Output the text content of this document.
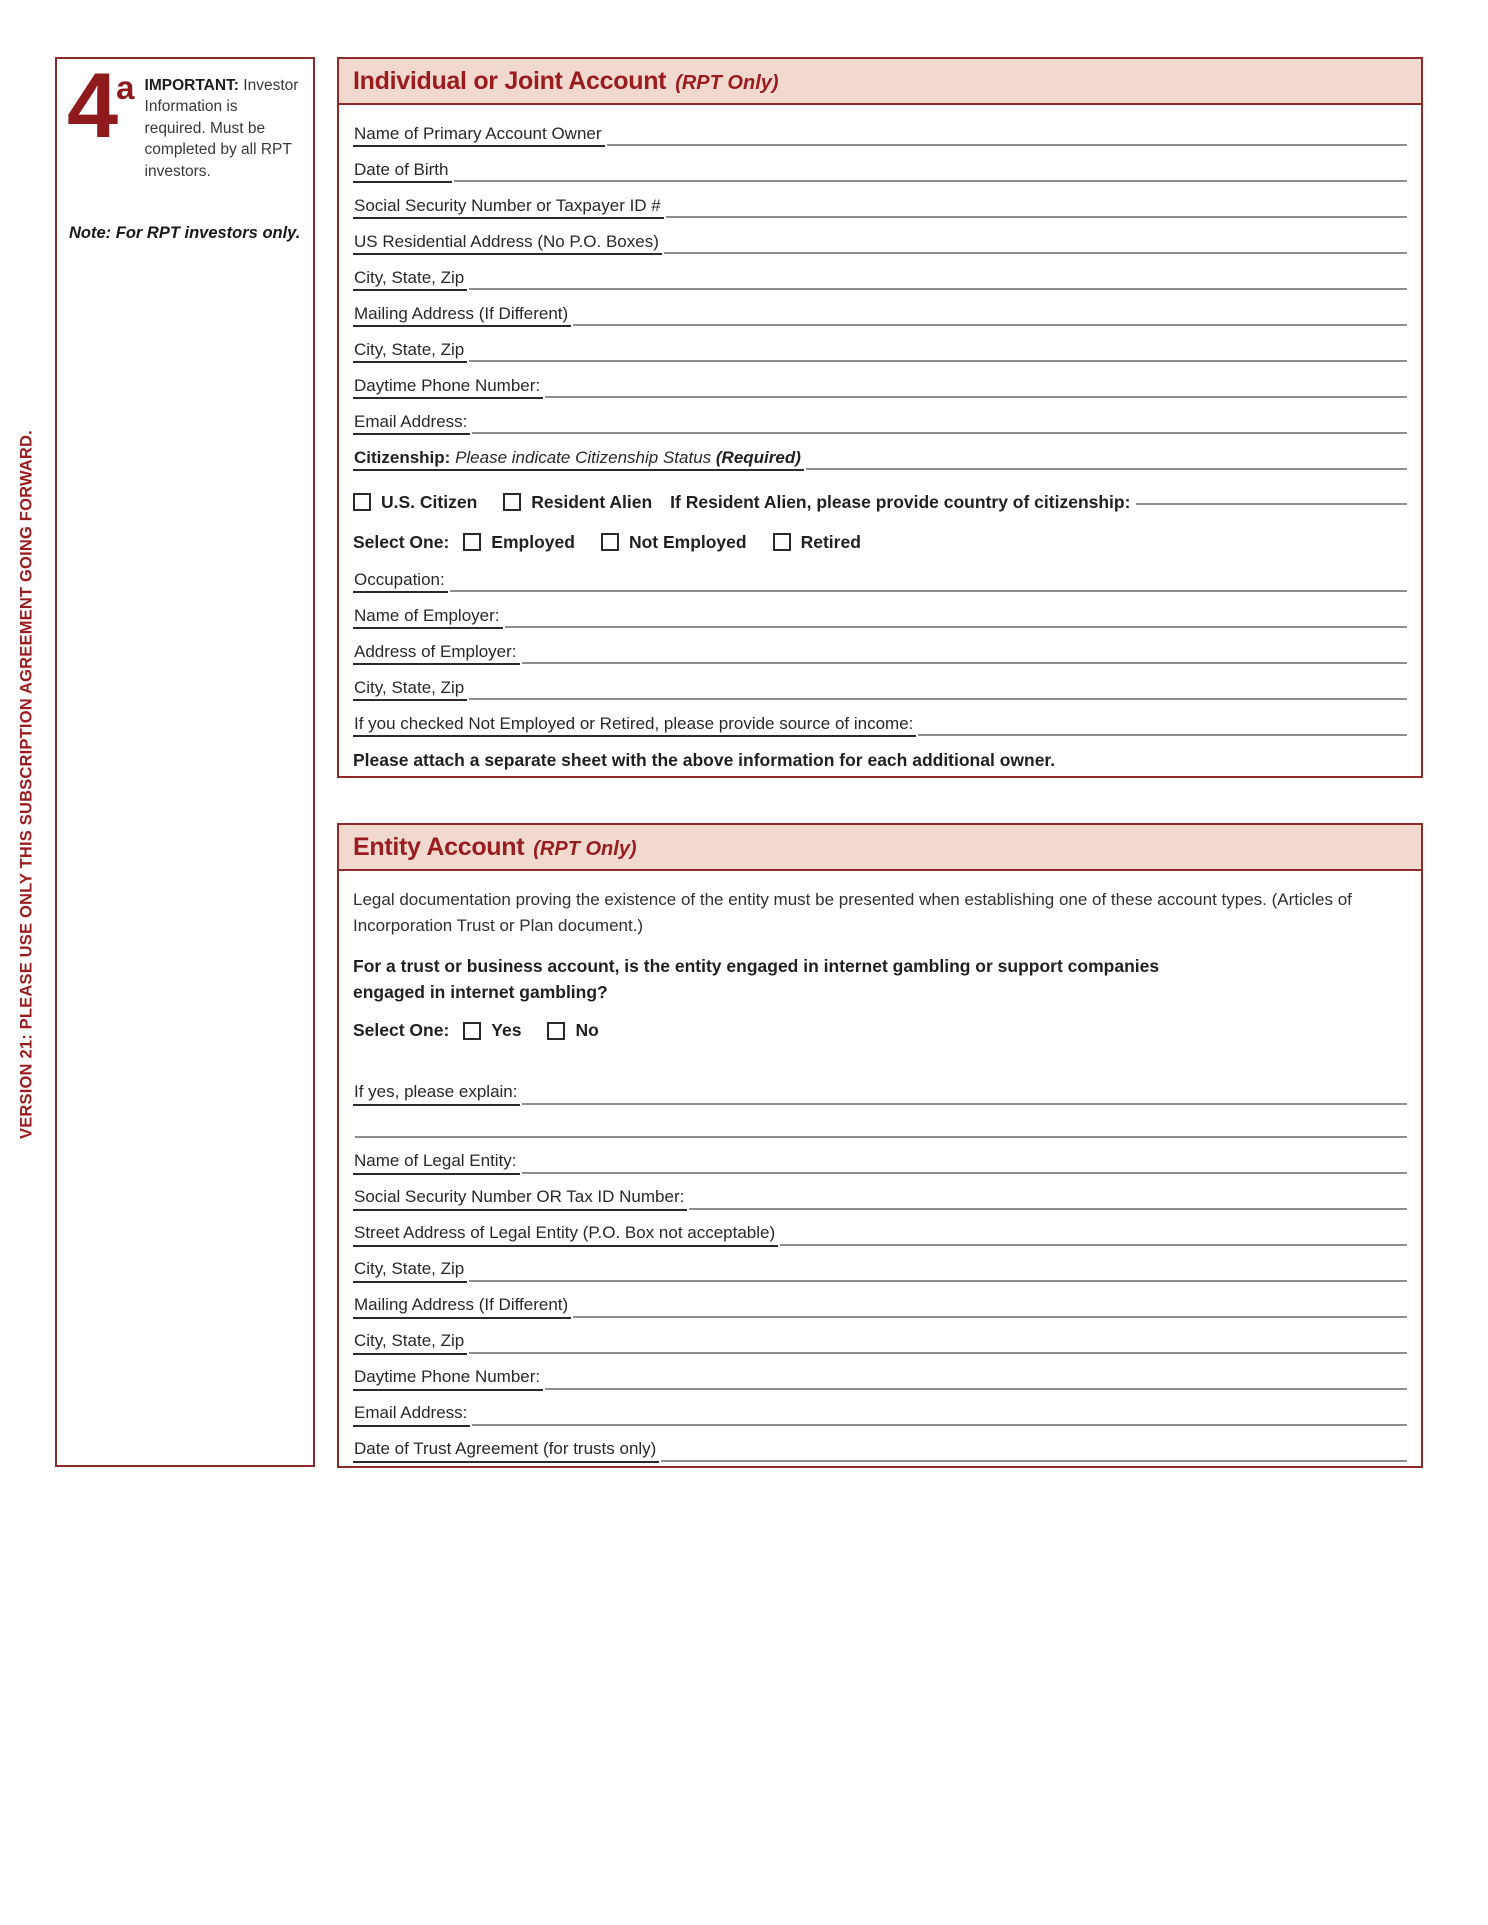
VERSION 21: PLEASE USE ONLY THIS SUBSCRIPTION AGREEMENT GOING FORWARD.
4 a IMPORTANT: Investor Information is required. Must be completed by all RPT investors.
Note: For RPT investors only.
Individual or Joint Account (RPT Only)
Name of Primary Account Owner
Date of Birth
Social Security Number or Taxpayer ID #
US Residential Address (No P.O. Boxes)
City, State, Zip
Mailing Address (If Different)
City, State, Zip
Daytime Phone Number:
Email Address:
Citizenship: Please indicate Citizenship Status (Required)
U.S. Citizen	Resident Alien If Resident Alien, please provide country of citizenship:
Select One: Employed	Not Employed	Retired
Occupation:
Name of Employer:
Address of Employer:
City, State, Zip
If you checked Not Employed or Retired, please provide source of income:
Please attach a separate sheet with the above information for each additional owner.
Entity Account (RPT Only)
Legal documentation proving the existence of the entity must be presented when establishing one of these account types. (Articles of Incorporation Trust or Plan document.)
For a trust or business account, is the entity engaged in internet gambling or support companies engaged in internet gambling?
Select One: Yes	No
If yes, please explain:
Name of Legal Entity:
Social Security Number OR Tax ID Number:
Street Address of Legal Entity (P.O. Box not acceptable)
City, State, Zip
Mailing Address (If Different)
City, State, Zip
Daytime Phone Number:
Email Address:
Date of Trust Agreement (for trusts only)
